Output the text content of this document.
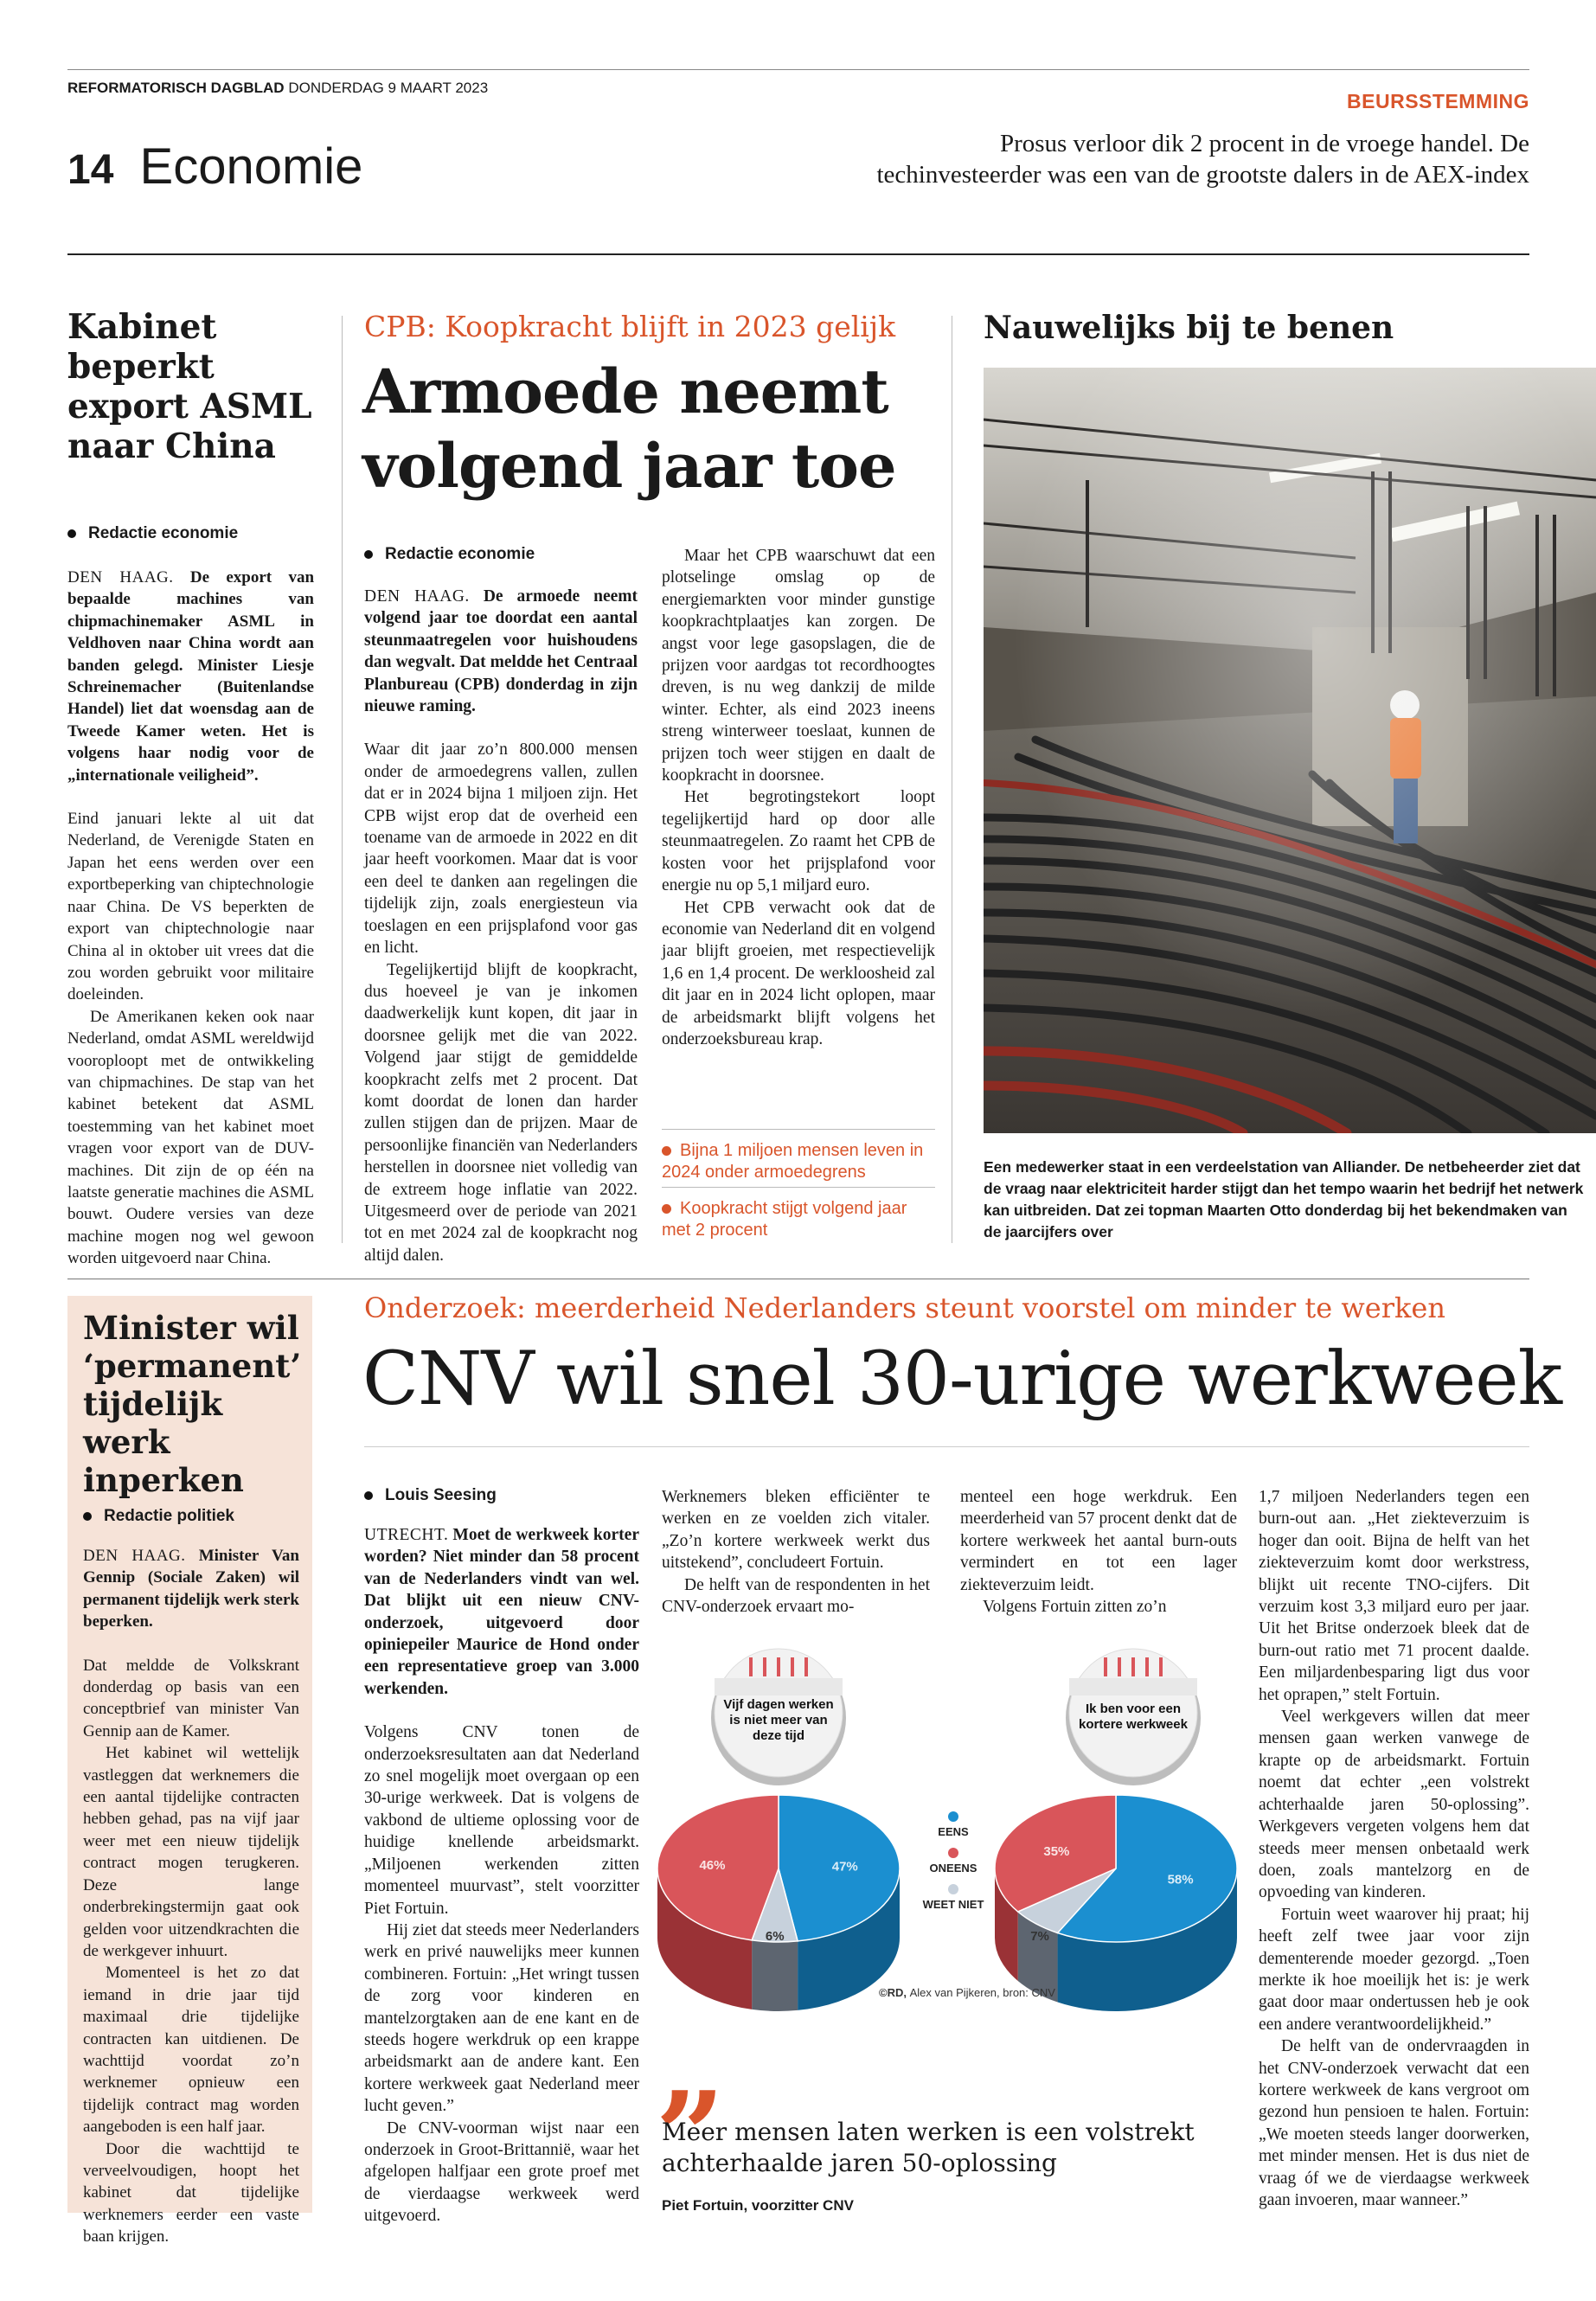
REFORMATORISCH DAGBLAD DONDERDAG 9 MAART 2023
BEURSSTEMMING
14 Economie	Prosus verloor dik 2 procent in de vroege handel. De
techinvesteerder was een van de grootste dalers in de AEX-index
Kabinet beperkt export ASML naar China
Redactie economie

DEN HAAG. De export van bepaalde machines van chipmachinemaker ASML in Veldhoven naar China wordt aan banden gelegd. Minister Liesje Schreinemacher (Buitenlandse Handel) liet dat woensdag aan de Tweede Kamer weten. Het is volgens haar nodig voor de „internationale veiligheid”.

Eind januari lekte al uit dat Nederland, de Verenigde Staten en Japan het eens werden over een exportbeperking van chiptechnologie naar China. De VS beperkten de export van chiptechnologie naar China al in oktober uit vrees dat die zou worden gebruikt voor militaire doeleinden.

De Amerikanen keken ook naar Nederland, omdat ASML wereldwijd vooroploopt met de ontwikkeling van chipmachines. De stap van het kabinet betekent dat ASML toestemming van het kabinet moet vragen voor export van de DUV-machines. Dit zijn de op één na laatste generatie machines die ASML bouwt. Oudere versies van deze machine mogen nog wel gewoon worden uitgevoerd naar China.

CPB: Koopkracht blijft in 2023 gelijk
Armoede neemt
volgend jaar toe
Redactie economie

DEN HAAG. De armoede neemt volgend jaar toe doordat een aantal steunmaatregelen voor huishoudens dan wegvalt. Dat meldde het Centraal Planbureau (CPB) donderdag in zijn nieuwe raming.

Waar dit jaar zo’n 800.000 mensen onder de armoedegrens vallen, zullen dat er in 2024 bijna 1 miljoen zijn. Het CPB wijst erop dat de overheid een toename van de armoede in 2022 en dit jaar heeft voorkomen. Maar dat is voor een deel te danken aan regelingen die tijdelijk zijn, zoals energiesteun via toeslagen en een prijsplafond voor gas en licht.

Tegelijkertijd blijft de koopkracht, dus hoeveel je van je inkomen daadwerkelijk kunt kopen, dit jaar in doorsnee gelijk met die van 2022. Volgend jaar stijgt de gemiddelde koopkracht zelfs met 2 procent. Dat komt doordat de lonen dan harder zullen stijgen dan de prijzen. Maar de persoonlijke financiën van Nederlanders herstellen in doorsnee niet volledig van de extreem hoge inflatie van 2022. Uitgesmeerd over de periode van 2021 tot en met 2024 zal de koopkracht nog altijd dalen.

Maar het CPB waarschuwt dat een plotselinge omslag op de energiemarkten voor minder gunstige koopkrachtplaatjes kan zorgen. De angst voor lege gasopslagen, die de prijzen voor aardgas tot recordhoogtes dreven, is nu weg dankzij de milde winter. Echter, als eind 2023 ineens streng winterweer toeslaat, kunnen de prijzen toch weer stijgen en daalt de koopkracht in doorsnee.

Het begrotingstekort loopt tegelijkertijd hard op door alle steunmaatregelen. Zo raamt het CPB de kosten voor het prijsplafond voor energie nu op 5,1 miljard euro.

Het CPB verwacht ook dat de economie van Nederland dit en volgend jaar blijft groeien, met respectievelijk 1,6 en 1,4 procent. De werkloosheid zal dit jaar en in 2024 licht oplopen, maar de arbeidsmarkt blijft volgens het onderzoeksbureau krap.

Bijna 1 miljoen mensen leven in 2024 onder armoedegrens
Koopkracht stijgt volgend jaar met 2 procent
Nauwelijks bij te benen
Een medewerker staat in een verdeelstation van Alliander. De netbeheerder ziet dat de vraag naar elektriciteit harder stijgt dan het tempo waarin het bedrijf het netwerk kan uitbreiden. Dat zei topman Maarten Otto donderdag bij het bekendmaken van de jaarcijfers over
Minister wil ‘permanent’ tijdelijk werk inperken
Redactie politiek

DEN HAAG. Minister Van Gennip (Sociale Zaken) wil permanent tijdelijk werk sterk beperken.

Dat meldde de Volkskrant donderdag op basis van een conceptbrief van minister Van Gennip aan de Kamer.

Het kabinet wil wettelijk vastleggen dat werknemers die een aantal tijdelijke contracten hebben gehad, pas na vijf jaar weer met een nieuw tijdelijk contract mogen terugkeren. Deze lange onderbrekingstermijn gaat ook gelden voor uitzendkrachten die de werkgever inhuurt.

Momenteel is het zo dat iemand in drie jaar tijd maximaal drie tijdelijke contracten kan uitdienen. De wachttijd voordat zo’n werknemer opnieuw een tijdelijk contract mag worden aangeboden is een half jaar.

Door die wachttijd te verveelvoudigen, hoopt het kabinet dat tijdelijke werknemers eerder een vaste baan krijgen.

Onderzoek: meerderheid Nederlanders steunt voorstel om minder te werken
CNV wil snel 30-urige werkweek
Louis Seesing

UTRECHT. Moet de werkweek korter worden? Niet minder dan 58 procent van de Nederlanders vindt van wel. Dat blijkt uit een nieuw CNV-onderzoek, uitgevoerd door opiniepeiler Maurice de Hond onder een representatieve groep van 3.000 werkenden.

Volgens CNV tonen de onderzoeksresultaten aan dat Nederland zo snel mogelijk moet overgaan op een 30-urige werkweek. Dat is volgens de vakbond de ultieme oplossing voor de huidige knellende arbeidsmarkt. „Miljoenen werkenden zitten momenteel muurvast”, stelt voorzitter Piet Fortuin.

Hij ziet dat steeds meer Nederlanders werk en privé nauwelijks meer kunnen combineren. Fortuin: „Het wringt tussen de zorg voor kinderen en mantelzorgtaken aan de ene kant en de steeds hogere werkdruk op een krappe arbeidsmarkt aan de andere kant. Een kortere werkweek gaat Nederland meer lucht geven.”

De CNV-voorman wijst naar een onderzoek in Groot-Brittannië, waar het afgelopen halfjaar een grote proef met de vierdaagse werkweek werd uitgevoerd.

Werknemers bleken efficiënter te werken en ze voelden zich vitaler. „Zo’n kortere werkweek werkt dus uitstekend”, concludeert Fortuin.

De helft van de respondenten in het CNV-onderzoek ervaart mo-

menteel een hoge werkdruk. Een meerderheid van 57 procent denkt dat de kortere werkweek het aantal burn-outs vermindert en tot een lager ziekteverzuim leidt.

Volgens Fortuin zitten zo’n

1,7 miljoen Nederlanders tegen een burn-out aan. „Het ziekteverzuim is hoger dan ooit. Bijna de helft van het ziekteverzuim komt door werkstress, blijkt uit recente TNO-cijfers. Dit verzuim kost 3,3 miljard euro per jaar. Uit het Britse onderzoek bleek dat de burn-out ratio met 71 procent daalde. Een miljardenbesparing ligt dus voor het oprapen,” stelt Fortuin.

Veel werkgevers willen dat meer mensen gaan werken vanwege de krapte op de arbeidsmarkt. Fortuin noemt dat echter „een volstrekt achterhaalde jaren 50-oplossing”. Werkgevers vergeten volgens hem dat steeds meer mensen onbetaald werk doen, zoals mantelzorg en de opvoeding van kinderen.

Fortuin weet waarover hij praat; hij heeft zelf twee jaar voor zijn dementerende moeder gezorgd. „Toen merkte ik hoe moeilijk het is: je werk gaat door maar ondertussen heb je ook een andere verantwoordelijkheid.”

De helft van de ondervraagden in het CNV-onderzoek verwacht dat een kortere werkweek de kans vergroot om gezond hun pensioen te halen. Fortuin: „We moeten steeds langer doorwerken, met minder mensen. Het is dus niet de vraag óf we de vierdaagse werkweek gaan invoeren, maar wanneer.”

47%
6%
46%
Vijf dagen werken
is niet meer van
deze tijd
58%
7%
35%
Ik ben voor een
kortere werkweek
EENS
ONEENS
WEET NIET
©RD, Alex van Pijkeren, bron: CNV
„
Meer mensen laten werken is een volstrekt achterhaalde jaren 50-oplossing
Piet Fortuin, voorzitter CNV
